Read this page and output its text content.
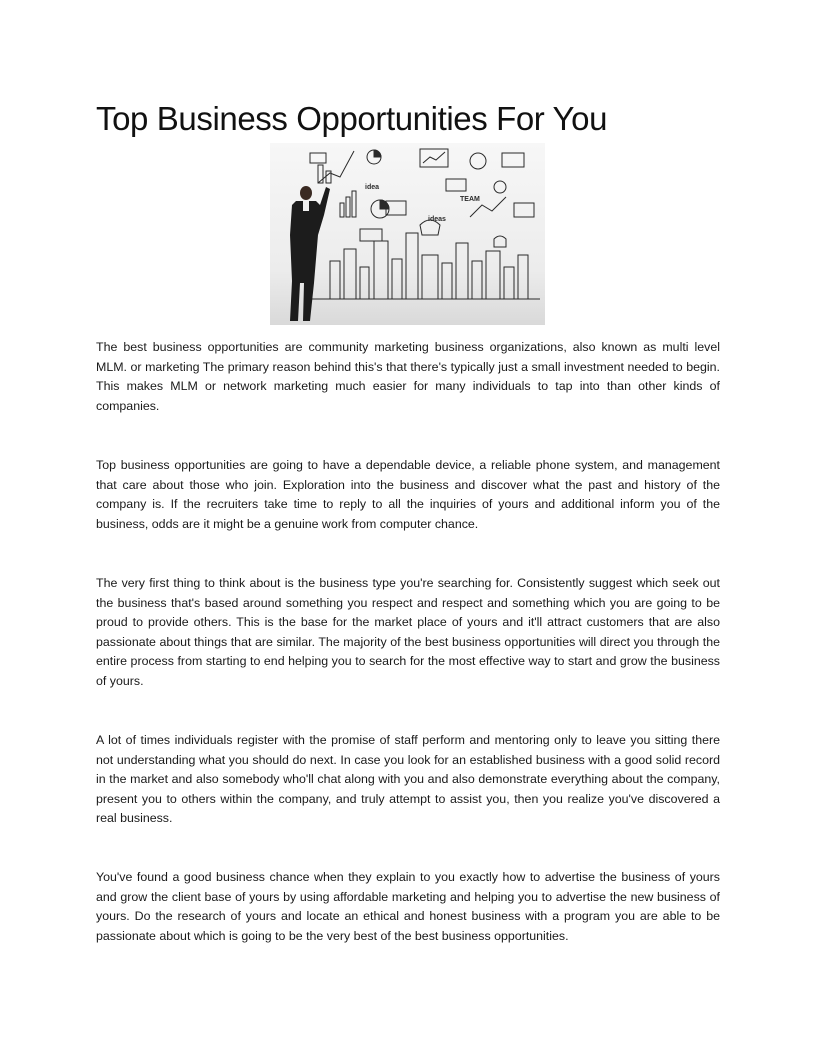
Top Business Opportunities For You
idea
TEAM
ideas

The best business opportunities are community marketing business organizations, also known as multi level MLM. or marketing The primary reason behind this's that there's typically just a small investment needed to begin. This makes MLM or network marketing much easier for many individuals to tap into than other kinds of companies.

Top business opportunities are going to have a dependable device, a reliable phone system, and management that care about those who join. Exploration into the business and discover what the past and history of the company is. If the recruiters take time to reply to all the inquiries of yours and additional inform you of the business, odds are it might be a genuine work from computer chance.

The very first thing to think about is the business type you're searching for. Consistently suggest which seek out the business that's based around something you respect and respect and something which you are going to be proud to provide others. This is the base for the market place of yours and it'll attract customers that are also passionate about things that are similar. The majority of the best business opportunities will direct you through the entire process from starting to end helping you to search for the most effective way to start and grow the business of yours.

A lot of times individuals register with the promise of staff perform and mentoring only to leave you sitting there not understanding what you should do next. In case you look for an established business with a good solid record in the market and also somebody who'll chat along with you and also demonstrate everything about the company, present you to others within the company, and truly attempt to assist you, then you realize you've discovered a real business.

You've found a good business chance when they explain to you exactly how to advertise the business of yours and grow the client base of yours by using affordable marketing and helping you to advertise the new business of yours. Do the research of yours and locate an ethical and honest business with a program you are able to be passionate about which is going to be the very best of the best business opportunities.
